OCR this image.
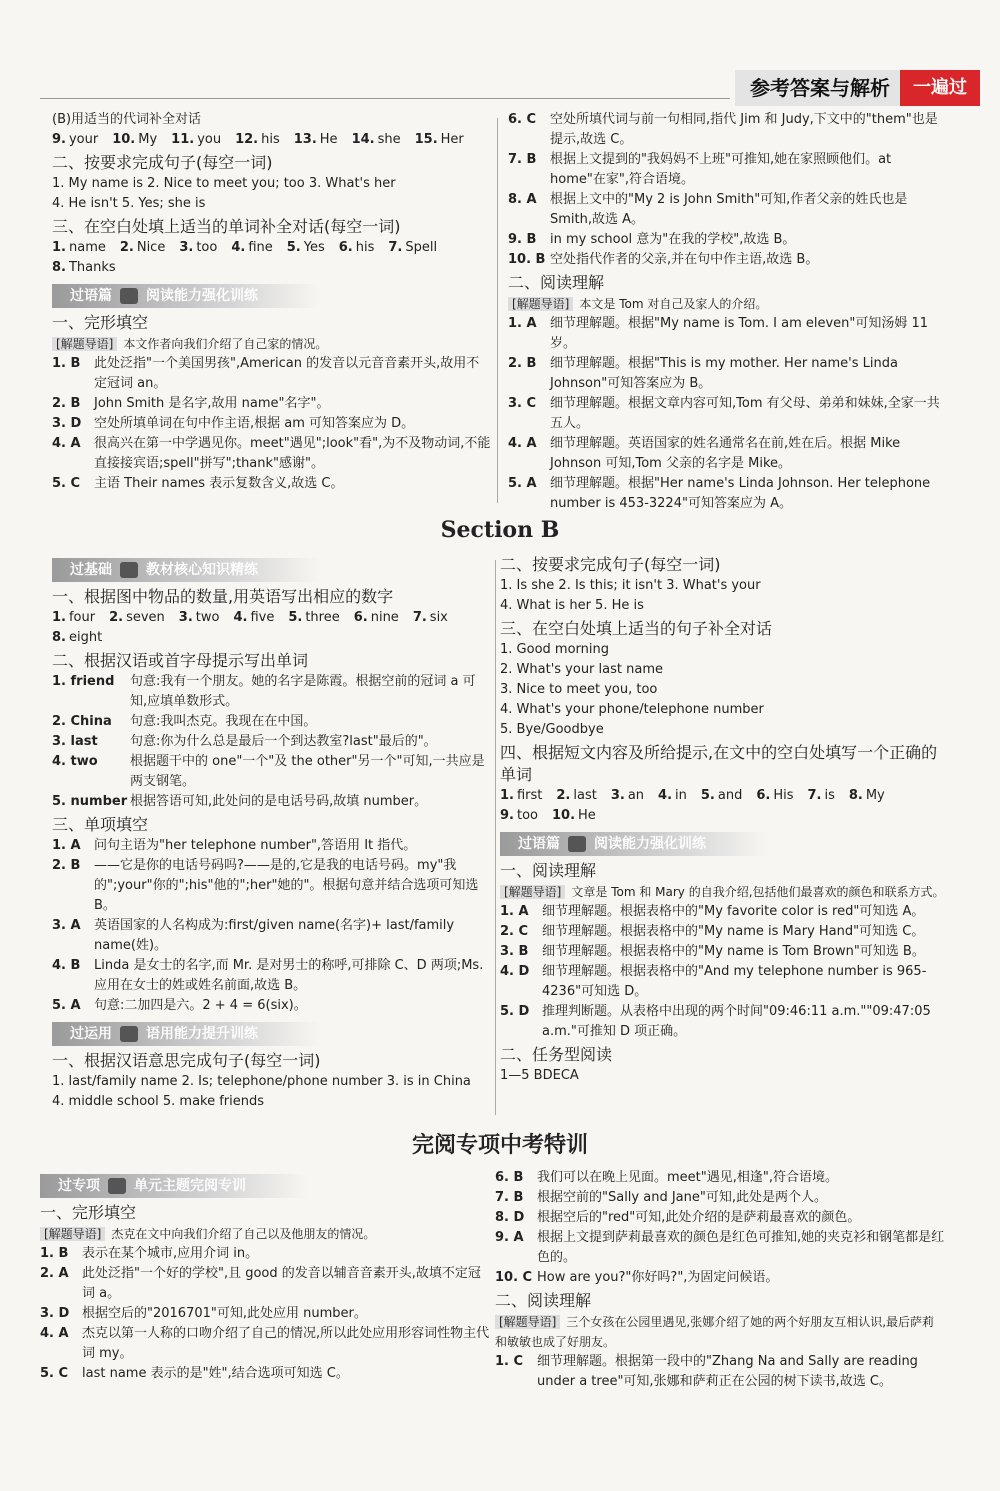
参考答案与解析	一遍过
(B)用适当的代词补全对话
9. your 10. My 11. you 12. his 13. He 14. she 15. Her
二、按要求完成句子(每空一词)
1. My name is 2. Nice to meet you; too 3. What's her
4. He isn't 5. Yes; she is
三、在空白处填上适当的单词补全对话(每空一词)
1. name 2. Nice 3. too 4. fine 5. Yes 6. his 7. Spell
8. Thanks
过语篇 阅读能力强化训练
一、完形填空
[解题导语] 本文作者向我们介绍了自己家的情况。
1. B	此处泛指"一个美国男孩",American 的发音以元音音素开头,故用不定冠词 an。
2. B	John Smith 是名字,故用 name"名字"。
3. D 空处所填单词在句中作主语,根据 am 可知答案应为 D。
4. A	很高兴在第一中学遇见你。meet"遇见";look"看",为不及物动词,不能直接接宾语;spell"拼写";thank"感谢"。
5. C	主语 Their names 表示复数含义,故选 C。
6. C	空处所填代词与前一句相同,指代 Jim 和 Judy,下文中的"them"也是提示,故选 C。
7. B	根据上文提到的"我妈妈不上班"可推知,她在家照顾他们。at home"在家",符合语境。
8. A	根据上文中的"My 2 is John Smith"可知,作者父亲的姓氏也是 Smith,故选 A。
9. B	in my school 意为"在我的学校",故选 B。
10. B 空处指代作者的父亲,并在句中作主语,故选 B。
二、阅读理解
[解题导语] 本文是 Tom 对自己及家人的介绍。
1. A	细节理解题。根据"My name is Tom. I am eleven"可知汤姆 11 岁。
2. B	细节理解题。根据"This is my mother. Her name's Linda Johnson"可知答案应为 B。
3. C	细节理解题。根据文章内容可知,Tom 有父母、弟弟和妹妹,全家一共五人。
4. A	细节理解题。英语国家的姓名通常名在前,姓在后。根据 Mike Johnson 可知,Tom 父亲的名字是 Mike。
5. A	细节理解题。根据"Her name's Linda Johnson. Her telephone number is 453-3224"可知答案应为 A。
Section B
过基础 教材核心知识精练
一、根据图中物品的数量,用英语写出相应的数字
1. four 2. seven 3. two 4. five 5. three 6. nine 7. six
8. eight
二、根据汉语或首字母提示写出单词
1. friend	句意:我有一个朋友。她的名字是陈霞。根据空前的冠词 a 可知,应填单数形式。
2. China	句意:我叫杰克。我现在在中国。
3. last	句意:你为什么总是最后一个到达教室?last"最后的"。
4. two	根据题干中的 one"一个"及 the other"另一个"可知,一共应是两支钢笔。
5. number 根据答语可知,此处问的是电话号码,故填 number。
三、单项填空
1. A	问句主语为"her telephone number",答语用 It 指代。
2. B	——它是你的电话号码吗?——是的,它是我的电话号码。my"我的";your"你的";his"他的";her"她的"。根据句意并结合选项可知选 B。
3. A	英语国家的人名构成为:first/given name(名字)+ last/family name(姓)。
4. B	Linda 是女士的名字,而 Mr. 是对男士的称呼,可排除 C、D 两项;Ms. 应用在女士的姓或姓名前面,故选 B。
5. A	句意:二加四是六。2 + 4 = 6(six)。
过运用 语用能力提升训练
一、根据汉语意思完成句子(每空一词)
1. last/family name 2. Is; telephone/phone number 3. is in China
4. middle school 5. make friends
二、按要求完成句子(每空一词)
1. Is she 2. Is this; it isn't 3. What's your
4. What is her 5. He is
三、在空白处填上适当的句子补全对话
1. Good morning
2. What's your last name
3. Nice to meet you, too
4. What's your phone/telephone number
5. Bye/Goodbye
四、根据短文内容及所给提示,在文中的空白处填写一个正确的单词
1. first 2. last 3. an 4. in 5. and 6. His 7. is 8. My
9. too 10. He
过语篇 阅读能力强化训练
一、阅读理解
[解题导语] 文章是 Tom 和 Mary 的自我介绍,包括他们最喜欢的颜色和联系方式。
1. A	细节理解题。根据表格中的"My favorite color is red"可知选 A。
2. C	细节理解题。根据表格中的"My name is Mary Hand"可知选 C。
3. B	细节理解题。根据表格中的"My name is Tom Brown"可知选 B。
4. D 细节理解题。根据表格中的"And my telephone number is 965-4236"可知选 D。
5. D 推理判断题。从表格中出现的两个时间"09:46:11 a.m.""09:47:05 a.m."可推知 D 项正确。
二、任务型阅读
1—5 BDECA
完阅专项中考特训
过专项 单元主题完阅专训
一、完形填空
[解题导语] 杰克在文中向我们介绍了自己以及他朋友的情况。
1. B	表示在某个城市,应用介词 in。
2. A	此处泛指"一个好的学校",且 good 的发音以辅音音素开头,故填不定冠词 a。
3. D 根据空后的"2016701"可知,此处应用 number。
4. A	杰克以第一人称的口吻介绍了自己的情况,所以此处应用形容词性物主代词 my。
5. C	last name 表示的是"姓",结合选项可知选 C。
6. B	我们可以在晚上见面。meet"遇见,相逢",符合语境。
7. B	根据空前的"Sally and Jane"可知,此处是两个人。
8. D 根据空后的"red"可知,此处介绍的是萨莉最喜欢的颜色。
9. A	根据上文提到萨莉最喜欢的颜色是红色可推知,她的夹克衫和钢笔都是红色的。
10. C How are you?"你好吗?",为固定问候语。
二、阅读理解
[解题导语] 三个女孩在公园里遇见,张娜介绍了她的两个好朋友互相认识,最后萨莉和敏敏也成了好朋友。
1. C	细节理解题。根据第一段中的"Zhang Na and Sally are reading under a tree"可知,张娜和萨莉正在公园的树下读书,故选 C。
